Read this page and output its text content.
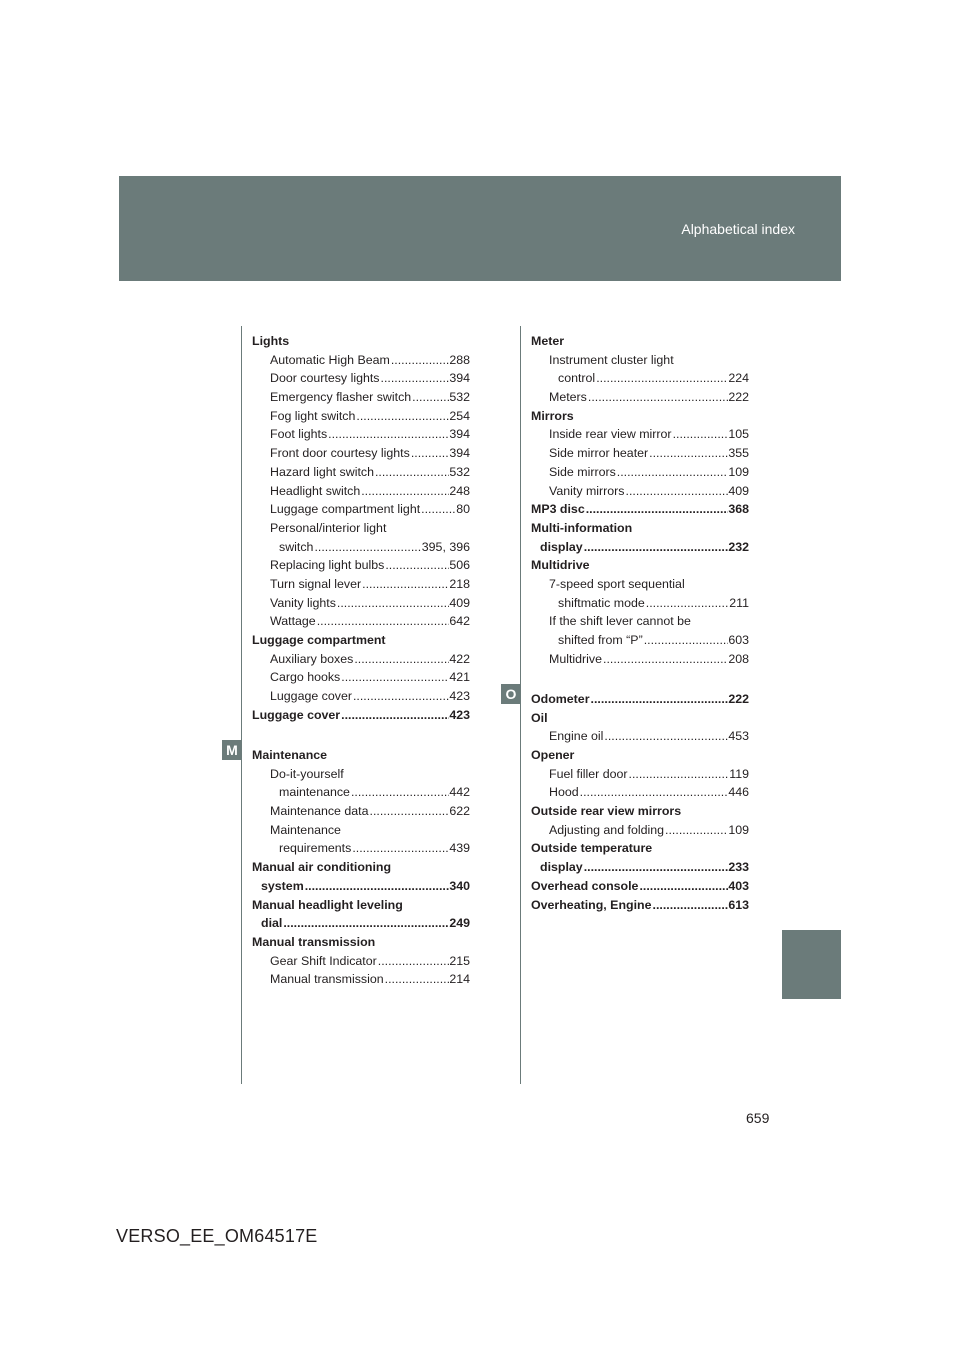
Alphabetical index
M
O
Lights
Automatic High Beam .....	288
Door courtesy lights .....	394
Emergency flasher switch .....	532
Fog light switch .....	254
Foot lights .....	394
Front door courtesy lights .....	394
Hazard light switch .....	532
Headlight switch .....	248
Luggage compartment light .....	80
Personal/interior light
switch .....	395, 396
Replacing light bulbs .....	506
Turn signal lever .....	218
Vanity lights .....	409
Wattage .....	642
Luggage compartment
Auxiliary boxes .....	422
Cargo hooks .....	421
Luggage cover .....	423
Luggage cover .....	423
Maintenance
Do-it-yourself
maintenance .....	442
Maintenance data .....	622
Maintenance
requirements .....	439
Manual air conditioning
system .....	340
Manual headlight leveling
dial .....	249
Manual transmission
Gear Shift Indicator .....	215
Manual transmission .....	214
Meter
Instrument cluster light
control .....	224
Meters .....	222
Mirrors
Inside rear view mirror .....	105
Side mirror heater .....	355
Side mirrors .....	109
Vanity mirrors .....	409
MP3 disc .....	368
Multi-information
display .....	232
Multidrive
7-speed sport sequential
shiftmatic mode .....	211
If the shift lever cannot be
shifted from “P” .....	603
Multidrive .....	208
Odometer .....	222
Oil
Engine oil .....	453
Opener
Fuel filler door .....	119
Hood .....	446
Outside rear view mirrors
Adjusting and folding .....	109
Outside temperature
display .....	233
Overhead console .....	403
Overheating, Engine .....	613
659
VERSO_EE_OM64517E
